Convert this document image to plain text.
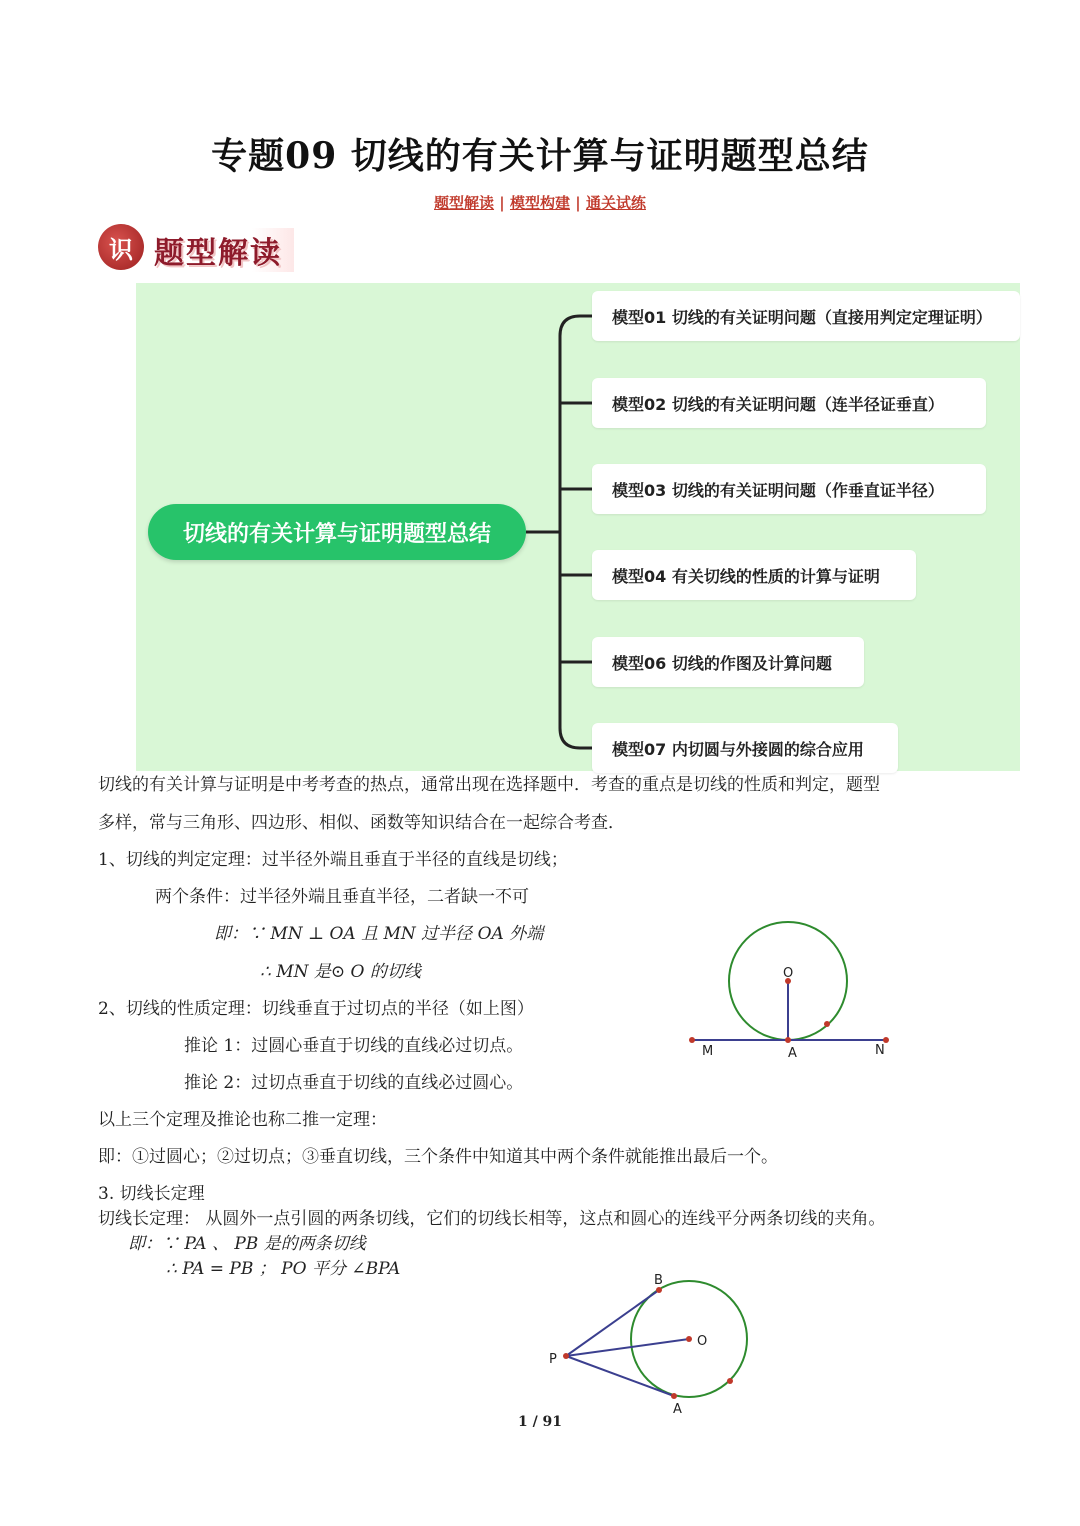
专题09 切线的有关计算与证明题型总结
题型解读 | 模型构建 | 通关试练
识 题型解读
切线的有关计算与证明题型总结
模型01 切线的有关证明问题（直接用判定定理证明）
模型02 切线的有关证明问题（连半径证垂直）
模型03 切线的有关证明问题（作垂直证半径）
模型04 有关切线的性质的计算与证明
模型06 切线的作图及计算问题
模型07 内切圆与外接圆的综合应用
切线的有关计算与证明是中考考查的热点，通常出现在选择题中．考查的重点是切线的性质和判定，题型
多样，常与三角形、四边形、相似、函数等知识结合在一起综合考查．
1、切线的判定定理：过半径外端且垂直于半径的直线是切线；
两个条件：过半径外端且垂直半径，二者缺一不可
即：∵ MN ⊥ OA 且 MN 过半径 OA 外端
∴ MN 是⊙ O 的切线
2、切线的性质定理：切线垂直于过切点的半径（如上图）
推论 1：过圆心垂直于切线的直线必过切点。
推论 2：过切点垂直于切线的直线必过圆心。
以上三个定理及推论也称二推一定理：
即：①过圆心；②过切点；③垂直切线，三个条件中知道其中两个条件就能推出最后一个。
3. 切线长定理
切线长定理： 从圆外一点引圆的两条切线，它们的切线长相等，这点和圆心的连线平分两条切线的夹角。
即：∵ PA 、 PB 是的两条切线
∴ PA = PB ； PO 平分 ∠BPA
O
M	A	N
B
O
P
A
1 / 91
